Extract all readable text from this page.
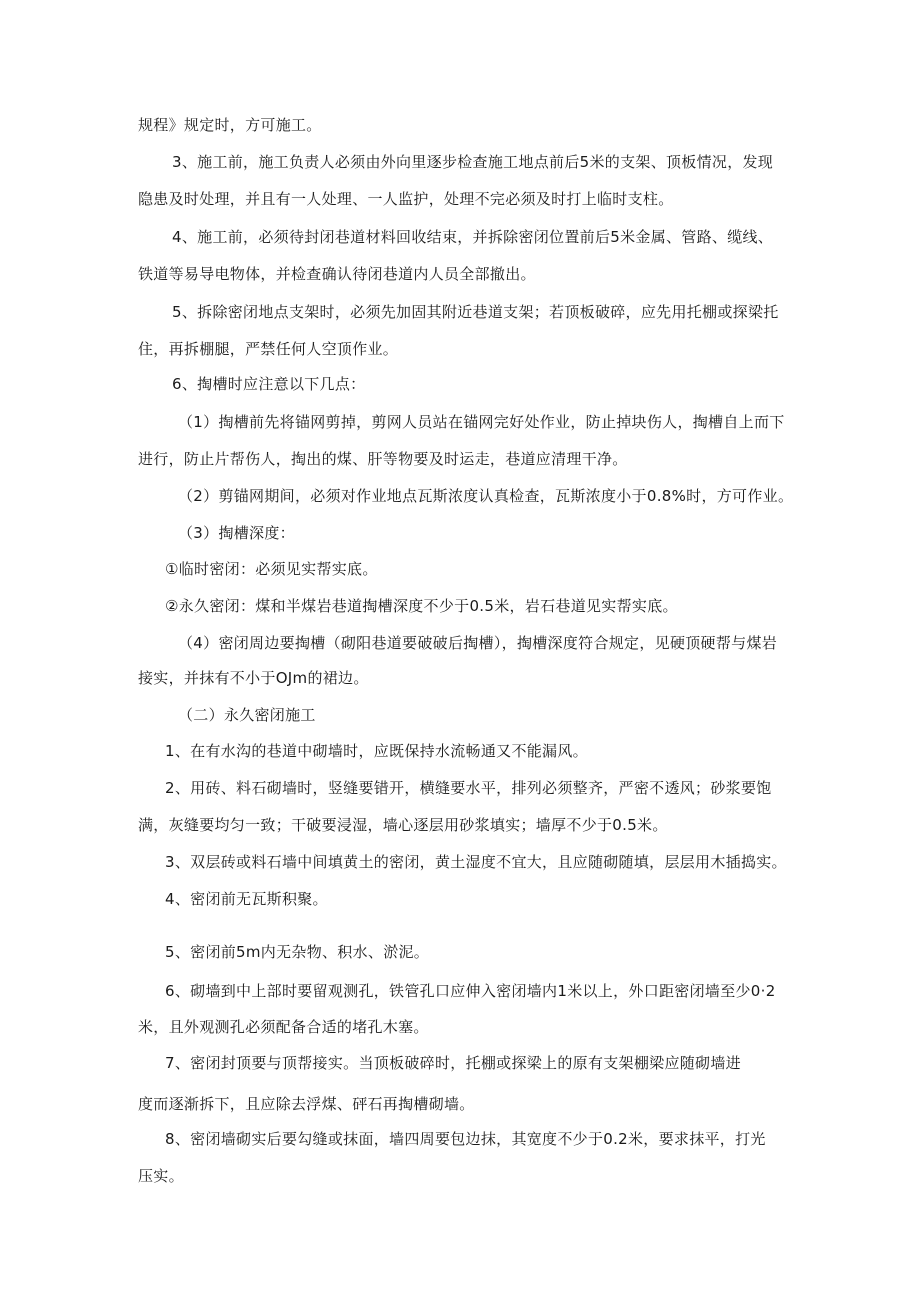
规程》规定时，方可施工。
3、施工前，施工负责人必须由外向里逐步检查施工地点前后5米的支架、顶板情况，发现
隐患及时处理，并且有一人处理、一人监护，处理不完必须及时打上临时支柱。
4、施工前，必须待封闭巷道材料回收结束，并拆除密闭位置前后5米金属、管路、缆线、
铁道等易导电物体，并检查确认待闭巷道内人员全部撤出。
5、拆除密闭地点支架时，必须先加固其附近巷道支架；若顶板破碎，应先用托棚或探梁托
住，再拆棚腿，严禁任何人空顶作业。
6、掏槽时应注意以下几点：
（1）掏槽前先将锚网剪掉，剪网人员站在锚网完好处作业，防止掉块伤人，掏槽自上而下
进行，防止片帮伤人，掏出的煤、肝等物要及时运走，巷道应清理干净。
（2）剪锚网期间，必须对作业地点瓦斯浓度认真检查，瓦斯浓度小于0.8%时，方可作业。
（3）掏槽深度：
①临时密闭：必须见实帮实底。
②永久密闭：煤和半煤岩巷道掏槽深度不少于0.5米，岩石巷道见实帮实底。
（4）密闭周边要掏槽（砌阳巷道要破破后掏槽），掏槽深度符合规定，见硬顶硬帮与煤岩
接实，并抹有不小于OJm的裙边。
（二）永久密闭施工
1、在有水沟的巷道中砌墙时，应既保持水流畅通又不能漏风。
2、用砖、料石砌墙时，竖缝要错开，横缝要水平，排列必须整齐，严密不透风；砂浆要饱
满，灰缝要均匀一致；干破要浸湿，墙心逐层用砂浆填实；墙厚不少于0.5米。
3、双层砖或料石墙中间填黄土的密闭，黄土湿度不宜大，且应随砌随填，层层用木插捣实。
4、密闭前无瓦斯积聚。
5、密闭前5m内无杂物、积水、淤泥。
6、砌墙到中上部时要留观测孔，铁管孔口应伸入密闭墙内1米以上，外口距密闭墙至少0·2
米，且外观测孔必须配备合适的堵孔木塞。
7、密闭封顶要与顶帮接实。当顶板破碎时，托棚或探梁上的原有支架棚梁应随砌墙进
度而逐渐拆下，且应除去浮煤、砰石再掏槽砌墙。
8、密闭墙砌实后要勾缝或抹面，墙四周要包边抹，其宽度不少于0.2米，要求抹平，打光
压实。
